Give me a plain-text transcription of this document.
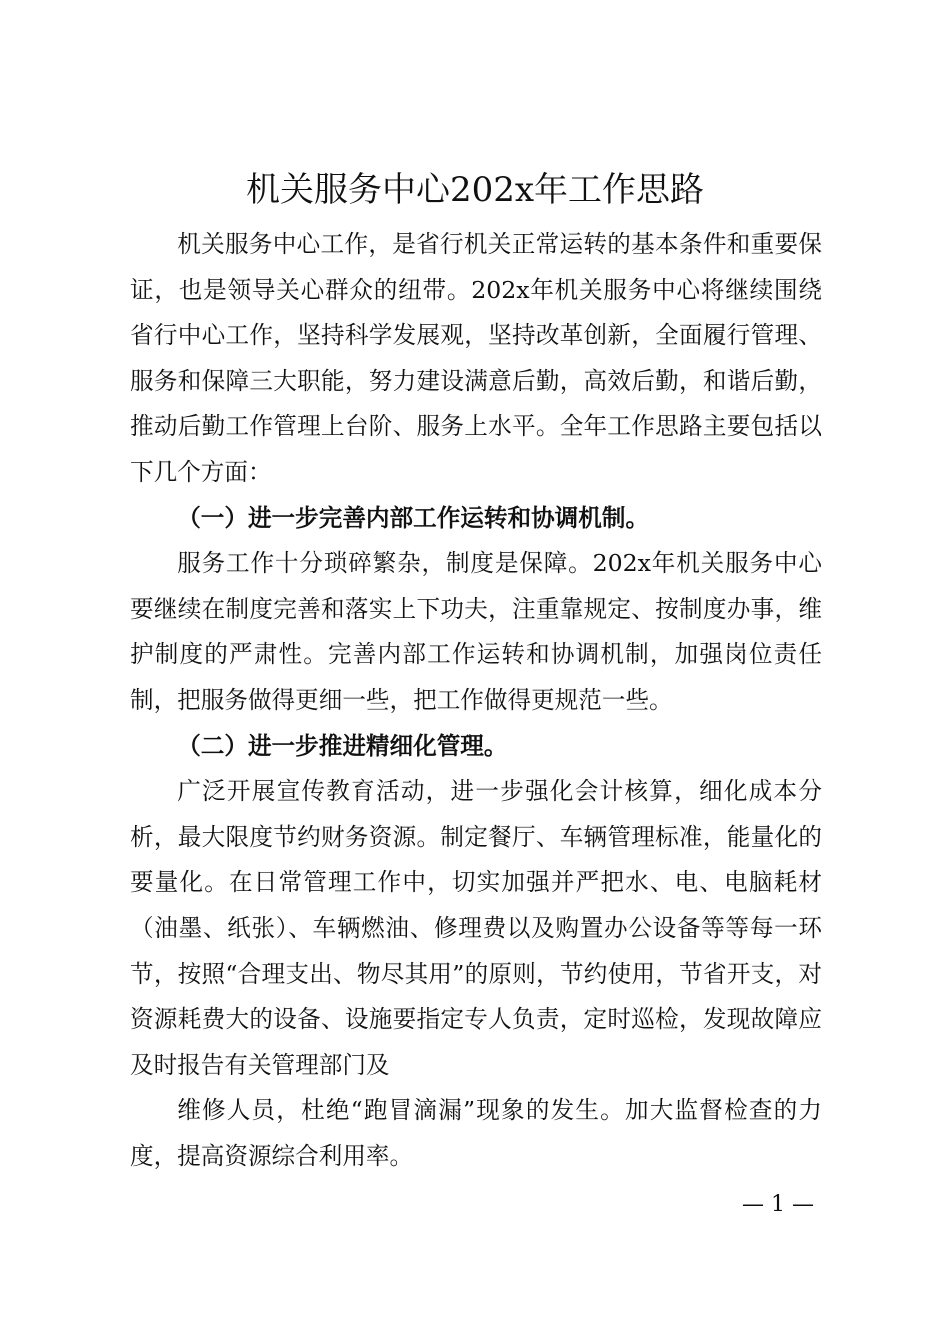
机关服务中心202x年工作思路

机关服务中心工作，是省行机关正常运转的基本条件和重要保证，也是领导关心群众的纽带。202x年机关服务中心将继续围绕省行中心工作，坚持科学发展观，坚持改革创新，全面履行管理、服务和保障三大职能，努力建设满意后勤，高效后勤，和谐后勤，推动后勤工作管理上台阶、服务上水平。全年工作思路主要包括以下几个方面：

（一）进一步完善内部工作运转和协调机制。

服务工作十分琐碎繁杂，制度是保障。202x年机关服务中心要继续在制度完善和落实上下功夫，注重靠规定、按制度办事，维护制度的严肃性。完善内部工作运转和协调机制，加强岗位责任制，把服务做得更细一些，把工作做得更规范一些。

（二）进一步推进精细化管理。

广泛开展宣传教育活动，进一步强化会计核算，细化成本分析，最大限度节约财务资源。制定餐厅、车辆管理标准，能量化的要量化。在日常管理工作中，切实加强并严把水、电、电脑耗材（油墨、纸张）、车辆燃油、修理费以及购置办公设备等等每一环节，按照“合理支出、物尽其用”的原则，节约使用，节省开支，对资源耗费大的设备、设施要指定专人负责，定时巡检，发现故障应及时报告有关管理部门及

维修人员，杜绝“跑冒滴漏”现象的发生。加大监督检查的力度，提高资源综合利用率。

— 1 —
